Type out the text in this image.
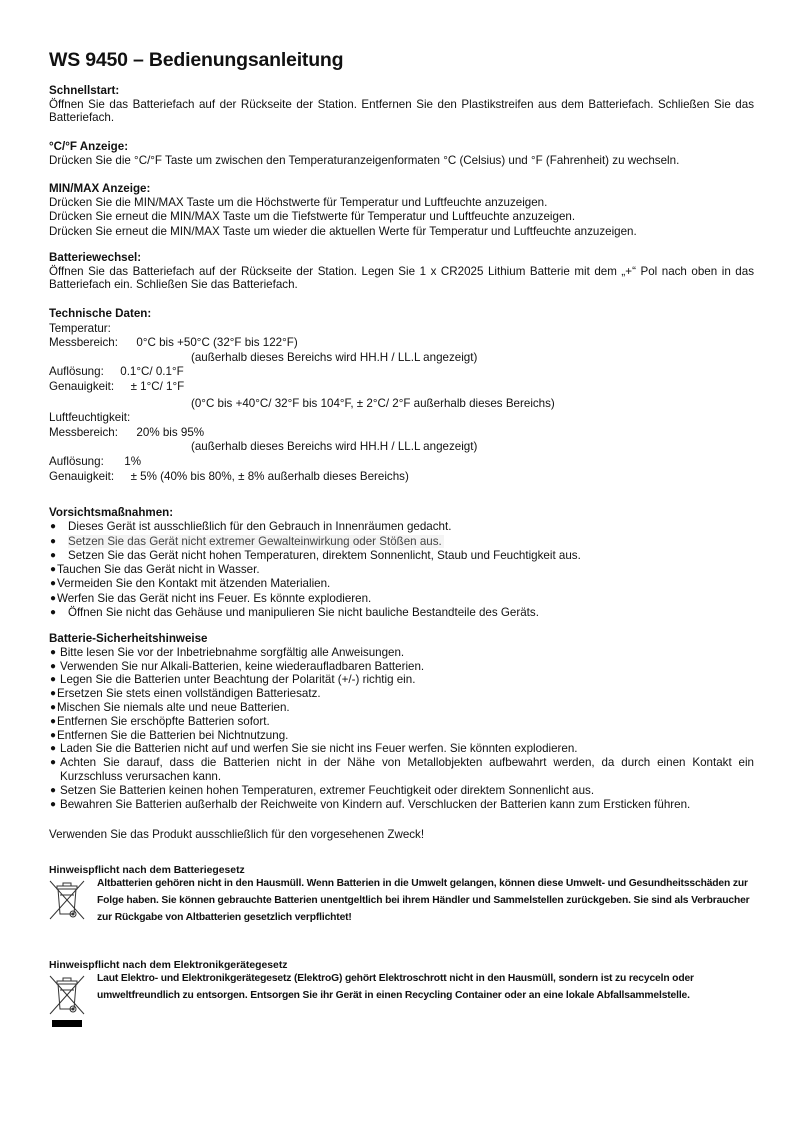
WS 9450 – Bedienungsanleitung
Schnellstart:
Öffnen Sie das Batteriefach auf der Rückseite der Station. Entfernen Sie den Plastikstreifen aus dem Batteriefach. Schließen Sie das Batteriefach.
°C/°F Anzeige:
Drücken Sie die °C/°F Taste um zwischen den Temperaturanzeigenformaten °C (Celsius) und °F (Fahrenheit) zu wechseln.
MIN/MAX Anzeige:
Drücken Sie die MIN/MAX Taste um die Höchstwerte für Temperatur und Luftfeuchte anzuzeigen.
Drücken Sie erneut die MIN/MAX Taste um die Tiefstwerte für Temperatur und Luftfeuchte anzuzeigen.
Drücken Sie erneut die MIN/MAX Taste um wieder die aktuellen Werte für Temperatur und Luftfeuchte anzuzeigen.
Batteriewechsel:
Öffnen Sie das Batteriefach auf der Rückseite der Station. Legen Sie 1 x CR2025 Lithium Batterie mit dem „+“ Pol nach oben in das Batteriefach ein. Schließen Sie das Batteriefach.
Technische Daten:
Temperatur:
Messbereich: 0°C bis +50°C (32°F bis 122°F)
(außerhalb dieses Bereichs wird HH.H / LL.L angezeigt)
Auflösung: 0.1°C/ 0.1°F
Genauigkeit: ± 1°C/ 1°F
(0°C bis +40°C/ 32°F bis 104°F, ± 2°C/ 2°F außerhalb dieses Bereichs)
Luftfeuchtigkeit:
Messbereich: 20% bis 95%
(außerhalb dieses Bereichs wird HH.H / LL.L angezeigt)
Auflösung: 1%
Genauigkeit: ± 5% (40% bis 80%, ± 8% außerhalb dieses Bereichs)
Vorsichtsmaßnahmen:
● Dieses Gerät ist ausschließlich für den Gebrauch in Innenräumen gedacht.
● Setzen Sie das Gerät nicht extremer Gewalteinwirkung oder Stößen aus.
● Setzen Sie das Gerät nicht hohen Temperaturen, direktem Sonnenlicht, Staub und Feuchtigkeit aus.
● Tauchen Sie das Gerät nicht in Wasser.
● Vermeiden Sie den Kontakt mit ätzenden Materialien.
● Werfen Sie das Gerät nicht ins Feuer. Es könnte explodieren.
● Öffnen Sie nicht das Gehäuse und manipulieren Sie nicht bauliche Bestandteile des Geräts.
Batterie-Sicherheitshinweise
● Bitte lesen Sie vor der Inbetriebnahme sorgfältig alle Anweisungen.
● Verwenden Sie nur Alkali-Batterien, keine wiederaufladbaren Batterien.
● Legen Sie die Batterien unter Beachtung der Polarität (+/-) richtig ein.
● Ersetzen Sie stets einen vollständigen Batteriesatz.
● Mischen Sie niemals alte und neue Batterien.
● Entfernen Sie erschöpfte Batterien sofort.
● Entfernen Sie die Batterien bei Nichtnutzung.
● Laden Sie die Batterien nicht auf und werfen Sie sie nicht ins Feuer werfen. Sie könnten explodieren.
● Achten Sie darauf, dass die Batterien nicht in der Nähe von Metallobjekten aufbewahrt werden, da durch einen Kontakt ein Kurzschluss verursachen kann.
● Setzen Sie Batterien keinen hohen Temperaturen, extremer Feuchtigkeit oder direktem Sonnenlicht aus.
● Bewahren Sie Batterien außerhalb der Reichweite von Kindern auf. Verschlucken der Batterien kann zum Ersticken führen.
Verwenden Sie das Produkt ausschließlich für den vorgesehenen Zweck!
Hinweispflicht nach dem Batteriegesetz
Altbatterien gehören nicht in den Hausmüll. Wenn Batterien in die Umwelt gelangen, können diese Umwelt- und Gesundheitsschäden zur Folge haben. Sie können gebrauchte Batterien unentgeltlich bei ihrem Händler und Sammelstellen zurückgeben. Sie sind als Verbraucher zur Rückgabe von Altbatterien gesetzlich verpflichtet!
Hinweispflicht nach dem Elektronikgerätegesetz
Laut Elektro- und Elektronikgerätegesetz (ElektroG) gehört Elektroschrott nicht in den Hausmüll, sondern ist zu recyceln oder umweltfreundlich zu entsorgen. Entsorgen Sie ihr Gerät in einen Recycling Container oder an eine lokale Abfallsammelstelle.
